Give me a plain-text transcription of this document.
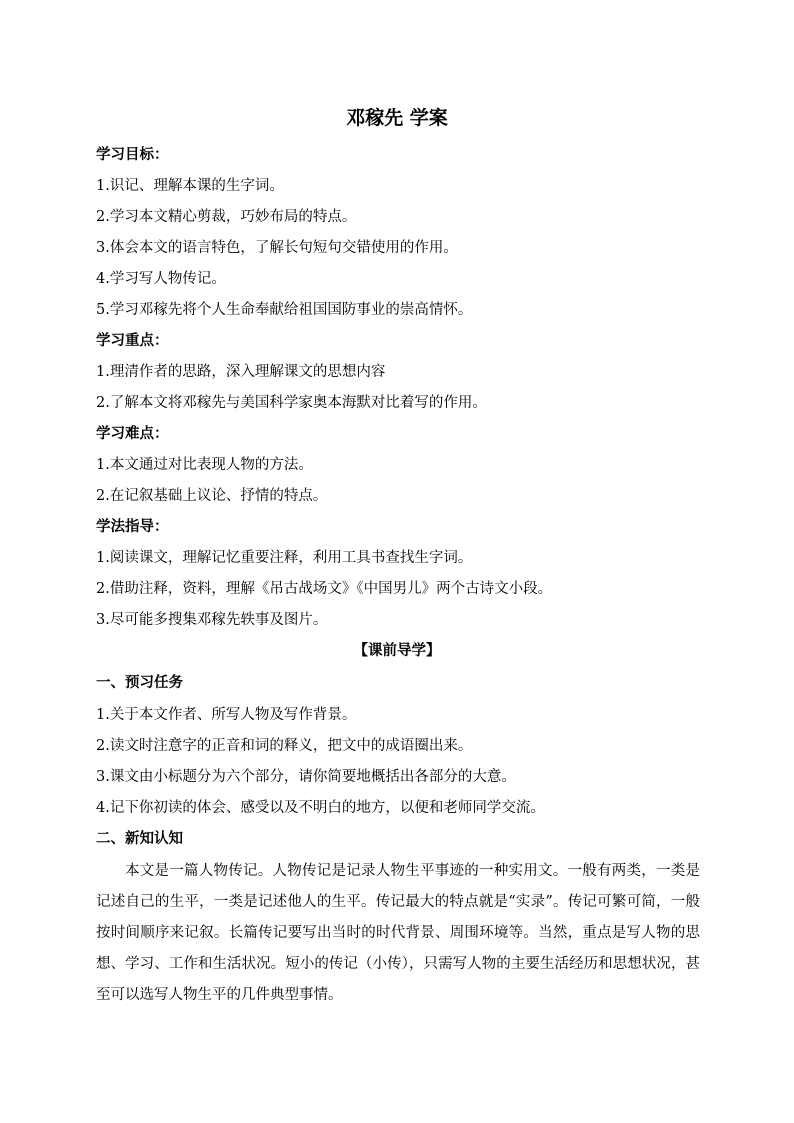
邓稼先 学案
学习目标：
1.识记、理解本课的生字词。
2.学习本文精心剪裁，巧妙布局的特点。
3.体会本文的语言特色，了解长句短句交错使用的作用。
4.学习写人物传记。
5.学习邓稼先将个人生命奉献给祖国国防事业的崇高情怀。
学习重点：
1.理清作者的思路，深入理解课文的思想内容
2.了解本文将邓稼先与美国科学家奥本海默对比着写的作用。
学习难点：
1.本文通过对比表现人物的方法。
2.在记叙基础上议论、抒情的特点。
学法指导：
1.阅读课文，理解记忆重要注释，利用工具书查找生字词。
2.借助注释，资料，理解《吊古战场文》《中国男儿》两个古诗文小段。
3.尽可能多搜集邓稼先轶事及图片。
【课前导学】
一、预习任务
1.关于本文作者、所写人物及写作背景。
2.读文时注意字的正音和词的释义，把文中的成语圈出来。
3.课文由小标题分为六个部分，请你简要地概括出各部分的大意。
4.记下你初读的体会、感受以及不明白的地方，以便和老师同学交流。
二、新知认知
本文是一篇人物传记。人物传记是记录人物生平事迹的一种实用文。一般有两类，一类是记述自己的生平，一类是记述他人的生平。传记最大的特点就是“实录”。传记可繁可简，一般按时间顺序来记叙。长篇传记要写出当时的时代背景、周围环境等。当然，重点是写人物的思想、学习、工作和生活状况。短小的传记（小传），只需写人物的主要生活经历和思想状况，甚至可以选写人物生平的几件典型事情。
